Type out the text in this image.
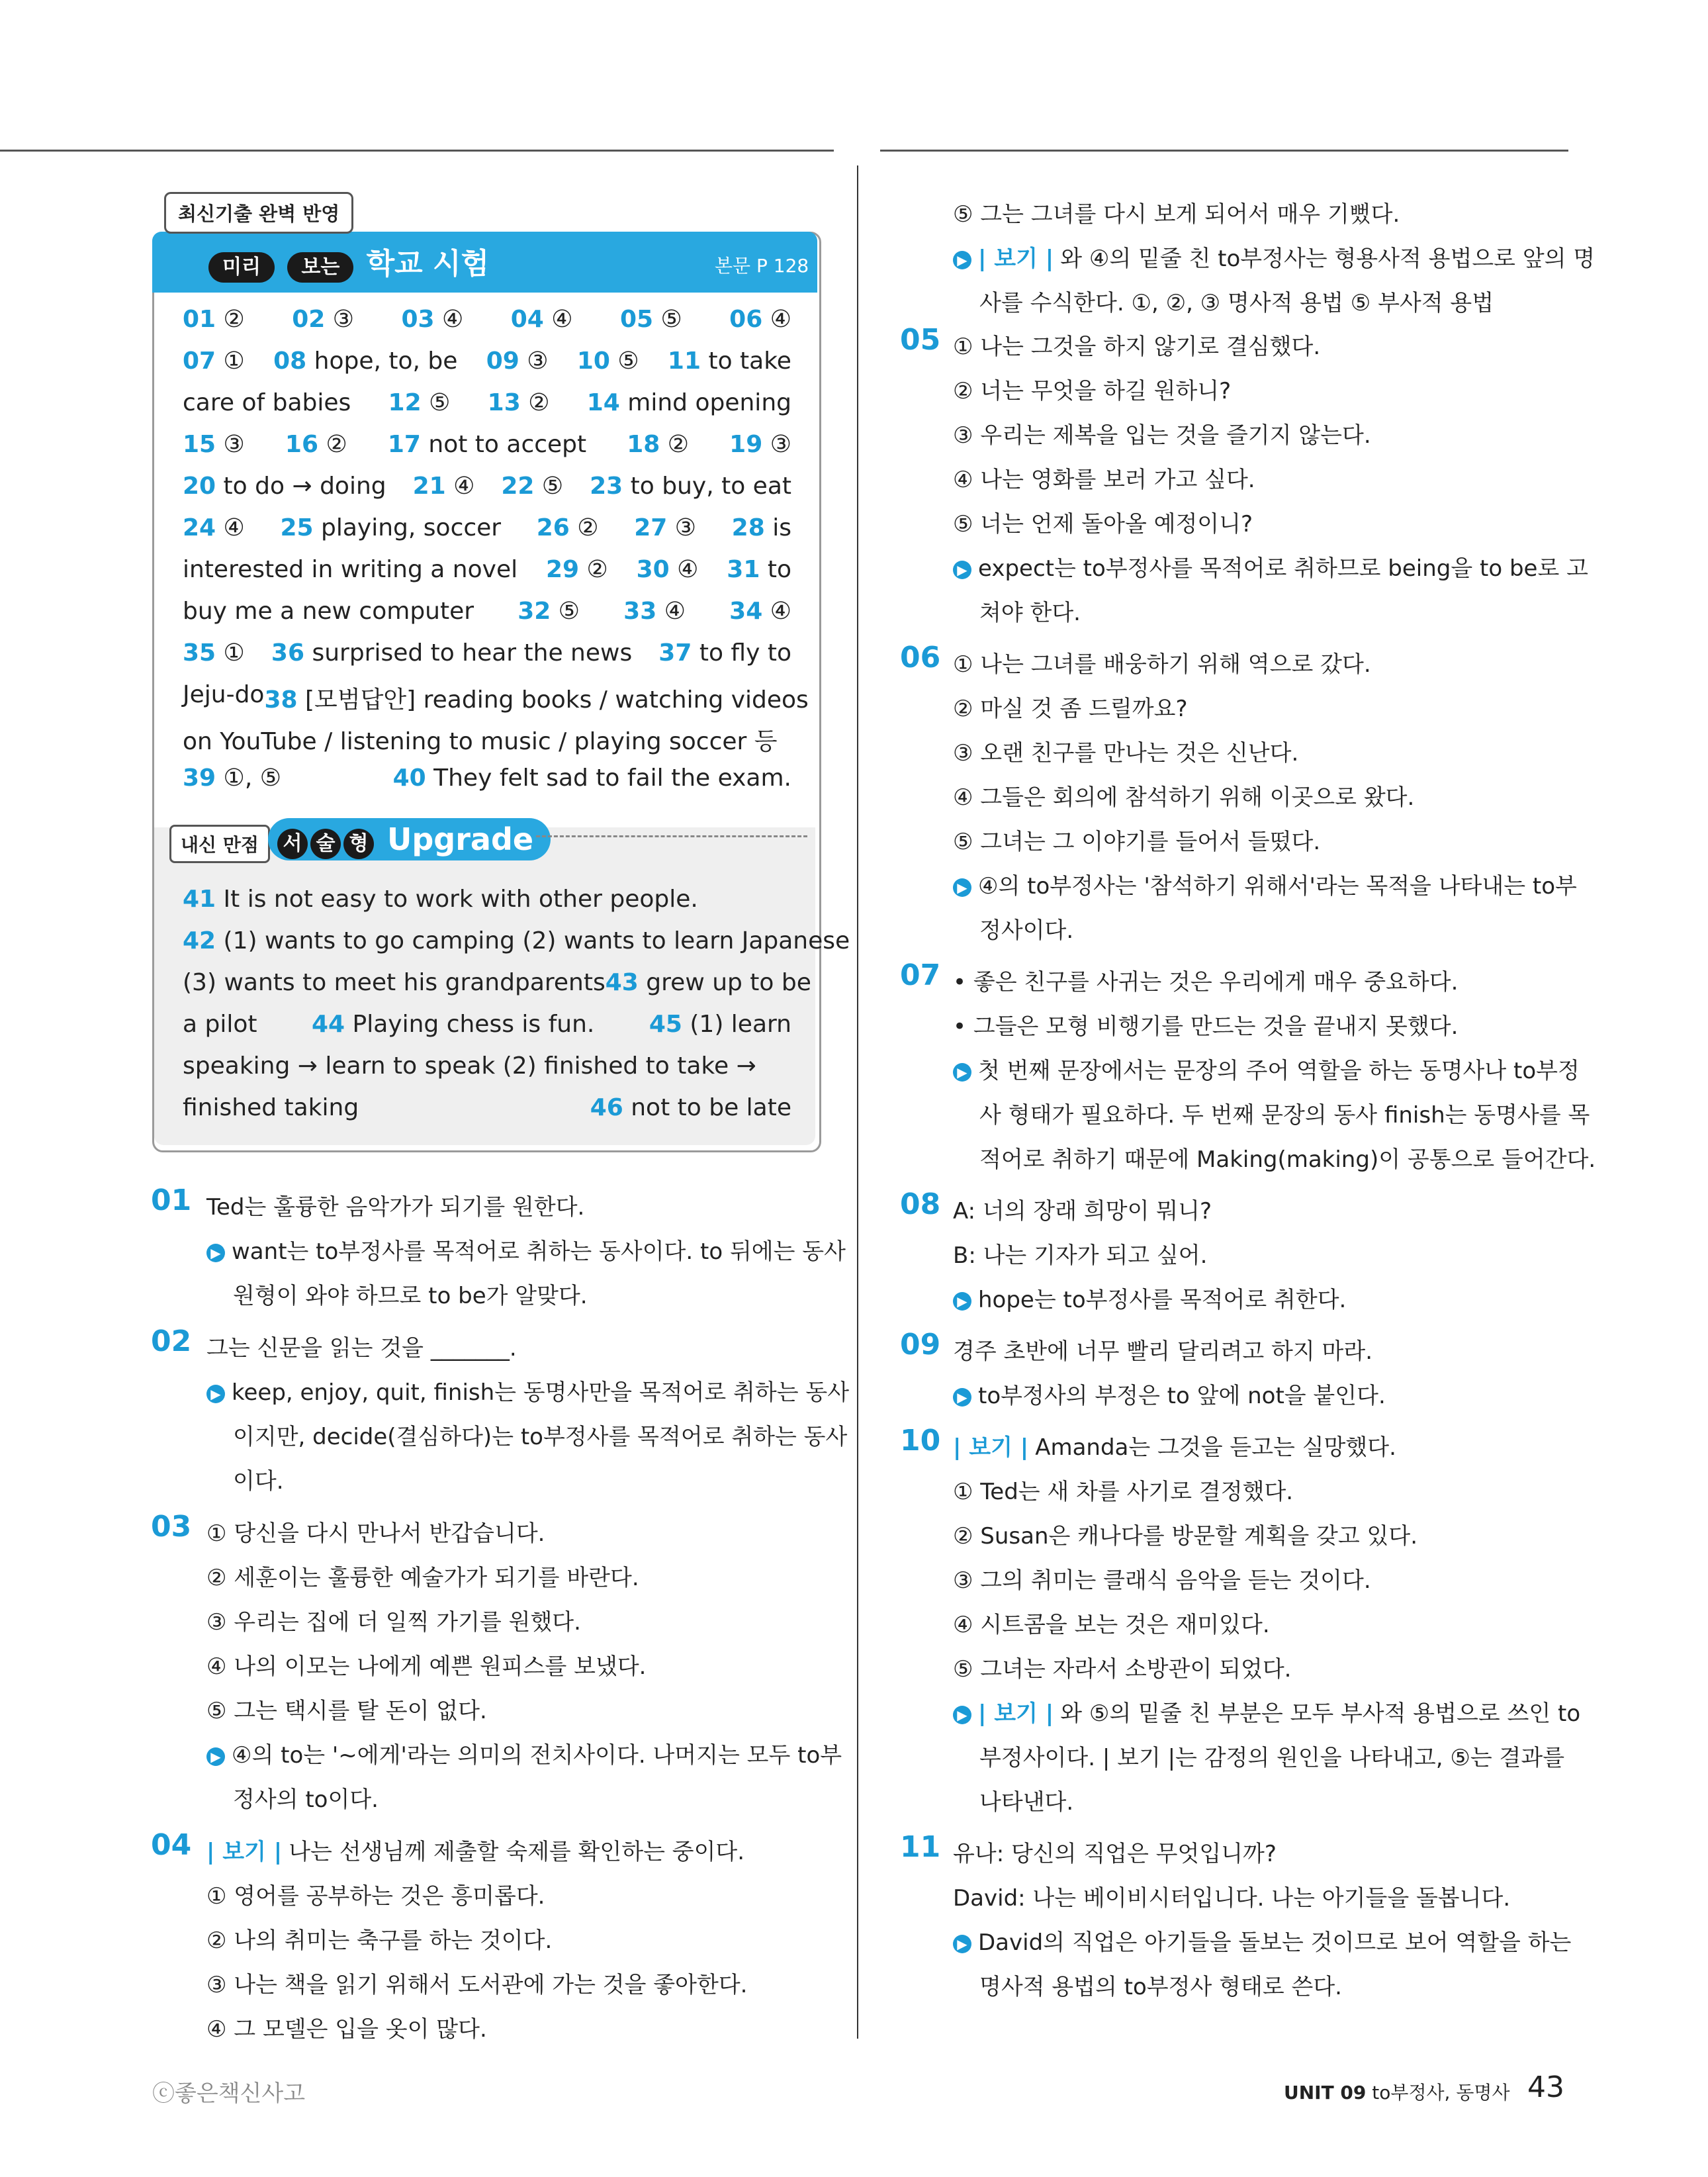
최신기출 완벽 반영
미리 보는 학교 시험	본문 P 128
01 ② 02 ③ 03 ④ 04 ④ 05 ⑤ 06 ④
07 ① 08 hope, to, be 09 ③ 10 ⑤ 11 to take
care of babies 12 ⑤ 13 ② 14 mind opening
15 ③ 16 ② 17 not to accept 18 ② 19 ③
20 to do → doing 21 ④ 22 ⑤ 23 to buy, to eat
24 ④ 25 playing, soccer 26 ② 27 ③ 28 is
interested in writing a novel 29 ② 30 ④ 31 to
buy me a new computer 32 ⑤ 33 ④ 34 ④
35 ① 36 surprised to hear the news 37 to fly to
Jeju-do 38 [모범답안] reading books / watching videos
on YouTube / listening to music / playing soccer 등
39 ①, ⑤	40 They felt sad to fail the exam.
내신 만점	서 술 형 Upgrade
41 It is not easy to work with other people.
42 (1) wants to go camping (2) wants to learn Japanese
(3) wants to meet his grandparents 43 grew up to be
a pilot 44 Playing chess is fun. 45 (1) learn
speaking → learn to speak (2) finished to take →
finished taking	46 not to be late
01 Ted는 훌륭한 음악가가 되기를 원한다.
▶ want는 to부정사를 목적어로 취하는 동사이다. to 뒤에는 동사
원형이 와야 하므로 to be가 알맞다.
02 그는 신문을 읽는 것을 _______.
▶ keep, enjoy, quit, finish는 동명사만을 목적어로 취하는 동사
이지만, decide(결심하다)는 to부정사를 목적어로 취하는 동사
이다.
03 ① 당신을 다시 만나서 반갑습니다.
② 세훈이는 훌륭한 예술가가 되기를 바란다.
③ 우리는 집에 더 일찍 가기를 원했다.
④ 나의 이모는 나에게 예쁜 원피스를 보냈다.
⑤ 그는 택시를 탈 돈이 없다.
▶ ④의 to는 '~에게'라는 의미의 전치사이다. 나머지는 모두 to부
정사의 to이다.
04 | 보기 | 나는 선생님께 제출할 숙제를 확인하는 중이다.
① 영어를 공부하는 것은 흥미롭다.
② 나의 취미는 축구를 하는 것이다.
③ 나는 책을 읽기 위해서 도서관에 가는 것을 좋아한다.
④ 그 모델은 입을 옷이 많다.
⑤ 그는 그녀를 다시 보게 되어서 매우 기뻤다.
▶ | 보기 | 와 ④의 밑줄 친 to부정사는 형용사적 용법으로 앞의 명
사를 수식한다. ①, ②, ③ 명사적 용법 ⑤ 부사적 용법
05 ① 나는 그것을 하지 않기로 결심했다.
② 너는 무엇을 하길 원하니?
③ 우리는 제복을 입는 것을 즐기지 않는다.
④ 나는 영화를 보러 가고 싶다.
⑤ 너는 언제 돌아올 예정이니?
▶ expect는 to부정사를 목적어로 취하므로 being을 to be로 고
쳐야 한다.
06 ① 나는 그녀를 배웅하기 위해 역으로 갔다.
② 마실 것 좀 드릴까요?
③ 오랜 친구를 만나는 것은 신난다.
④ 그들은 회의에 참석하기 위해 이곳으로 왔다.
⑤ 그녀는 그 이야기를 들어서 들떴다.
▶ ④의 to부정사는 '참석하기 위해서'라는 목적을 나타내는 to부
정사이다.
07 • 좋은 친구를 사귀는 것은 우리에게 매우 중요하다.
• 그들은 모형 비행기를 만드는 것을 끝내지 못했다.
▶ 첫 번째 문장에서는 문장의 주어 역할을 하는 동명사나 to부정
사 형태가 필요하다. 두 번째 문장의 동사 finish는 동명사를 목
적어로 취하기 때문에 Making(making)이 공통으로 들어간다.
08 A: 너의 장래 희망이 뭐니?
B: 나는 기자가 되고 싶어.
▶ hope는 to부정사를 목적어로 취한다.
09 경주 초반에 너무 빨리 달리려고 하지 마라.
▶ to부정사의 부정은 to 앞에 not을 붙인다.
10 | 보기 | Amanda는 그것을 듣고는 실망했다.
① Ted는 새 차를 사기로 결정했다.
② Susan은 캐나다를 방문할 계획을 갖고 있다.
③ 그의 취미는 클래식 음악을 듣는 것이다.
④ 시트콤을 보는 것은 재미있다.
⑤ 그녀는 자라서 소방관이 되었다.
▶ | 보기 | 와 ⑤의 밑줄 친 부분은 모두 부사적 용법으로 쓰인 to
부정사이다. | 보기 |는 감정의 원인을 나타내고, ⑤는 결과를
나타낸다.
11 유나: 당신의 직업은 무엇입니까?
David: 나는 베이비시터입니다. 나는 아기들을 돌봅니다.
▶ David의 직업은 아기들을 돌보는 것이므로 보어 역할을 하는
명사적 용법의 to부정사 형태로 쓴다.
ⓒ좋은책신사고	UNIT 09 to부정사, 동명사 43
